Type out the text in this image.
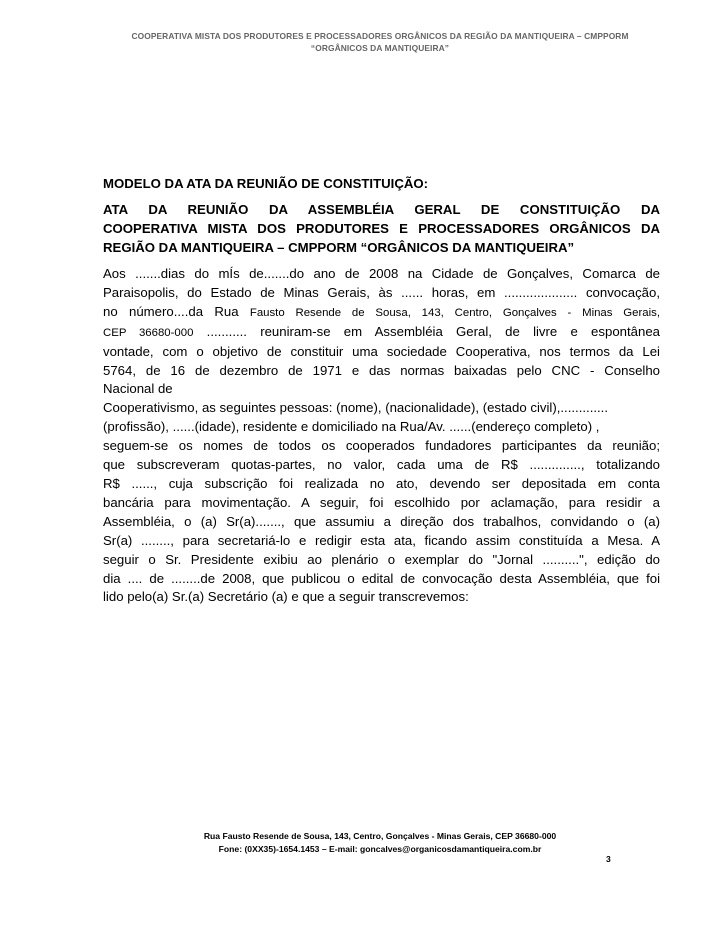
COOPERATIVA MISTA DOS PRODUTORES E PROCESSADORES ORGÂNICOS DA REGIÃO DA MANTIQUEIRA – CMPPORM
“ORGÂNICOS DA MANTIQUEIRA”
MODELO DA ATA DA REUNIÃO DE CONSTITUIÇÃO:
ATA DA REUNIÃO DA ASSEMBLÉIA GERAL DE CONSTITUIÇÃO DA
COOPERATIVA MISTA DOS PRODUTORES E PROCESSADORES ORGÂNICOS DA
REGIÃO DA MANTIQUEIRA – CMPPORM “ORGÂNICOS DA MANTIQUEIRA”
Aos .......dias do mÍs de.......do ano de 2008 na Cidade de Gonçalves, Comarca de
Paraisopolis, do Estado de Minas Gerais, às ...... horas, em .................... convocação,
no número....da Rua Fausto Resende de Sousa, 143, Centro, Gonçalves - Minas Gerais,
CEP 36680-000 ........... reuniram-se em Assembléia Geral, de livre e espontânea
vontade, com o objetivo de constituir uma sociedade Cooperativa, nos termos da Lei
5764, de 16 de dezembro de 1971 e das normas baixadas pelo CNC - Conselho
Nacional de
Cooperativismo, as seguintes pessoas: (nome), (nacionalidade), (estado civil),.............
(profissão), ......(idade), residente e domiciliado na Rua/Av. ......(endereço completo) ,
seguem-se os nomes de todos os cooperados fundadores participantes da reunião;
que subscreveram quotas-partes, no valor, cada uma de R$ .............., totalizando
R$ ......, cuja subscrição foi realizada no ato, devendo ser depositada em conta
bancária para movimentação. A seguir, foi escolhido por aclamação, para residir a
Assembléia, o (a) Sr(a)......., que assumiu a direção dos trabalhos, convidando o (a)
Sr(a) ........, para secretariá-lo e redigir esta ata, ficando assim constituída a Mesa. A
seguir o Sr. Presidente exibiu ao plenário o exemplar do "Jornal ..........", edição do
dia .... de ........de 2008, que publicou o edital de convocação desta Assembléia, que foi
lido pelo(a) Sr.(a) Secretário (a) e que a seguir transcrevemos:
Rua Fausto Resende de Sousa, 143, Centro, Gonçalves - Minas Gerais, CEP 36680-000
Fone: (0XX35)-1654.1453 – E-mail: goncalves@organicosdamantiqueira.com.br
3
